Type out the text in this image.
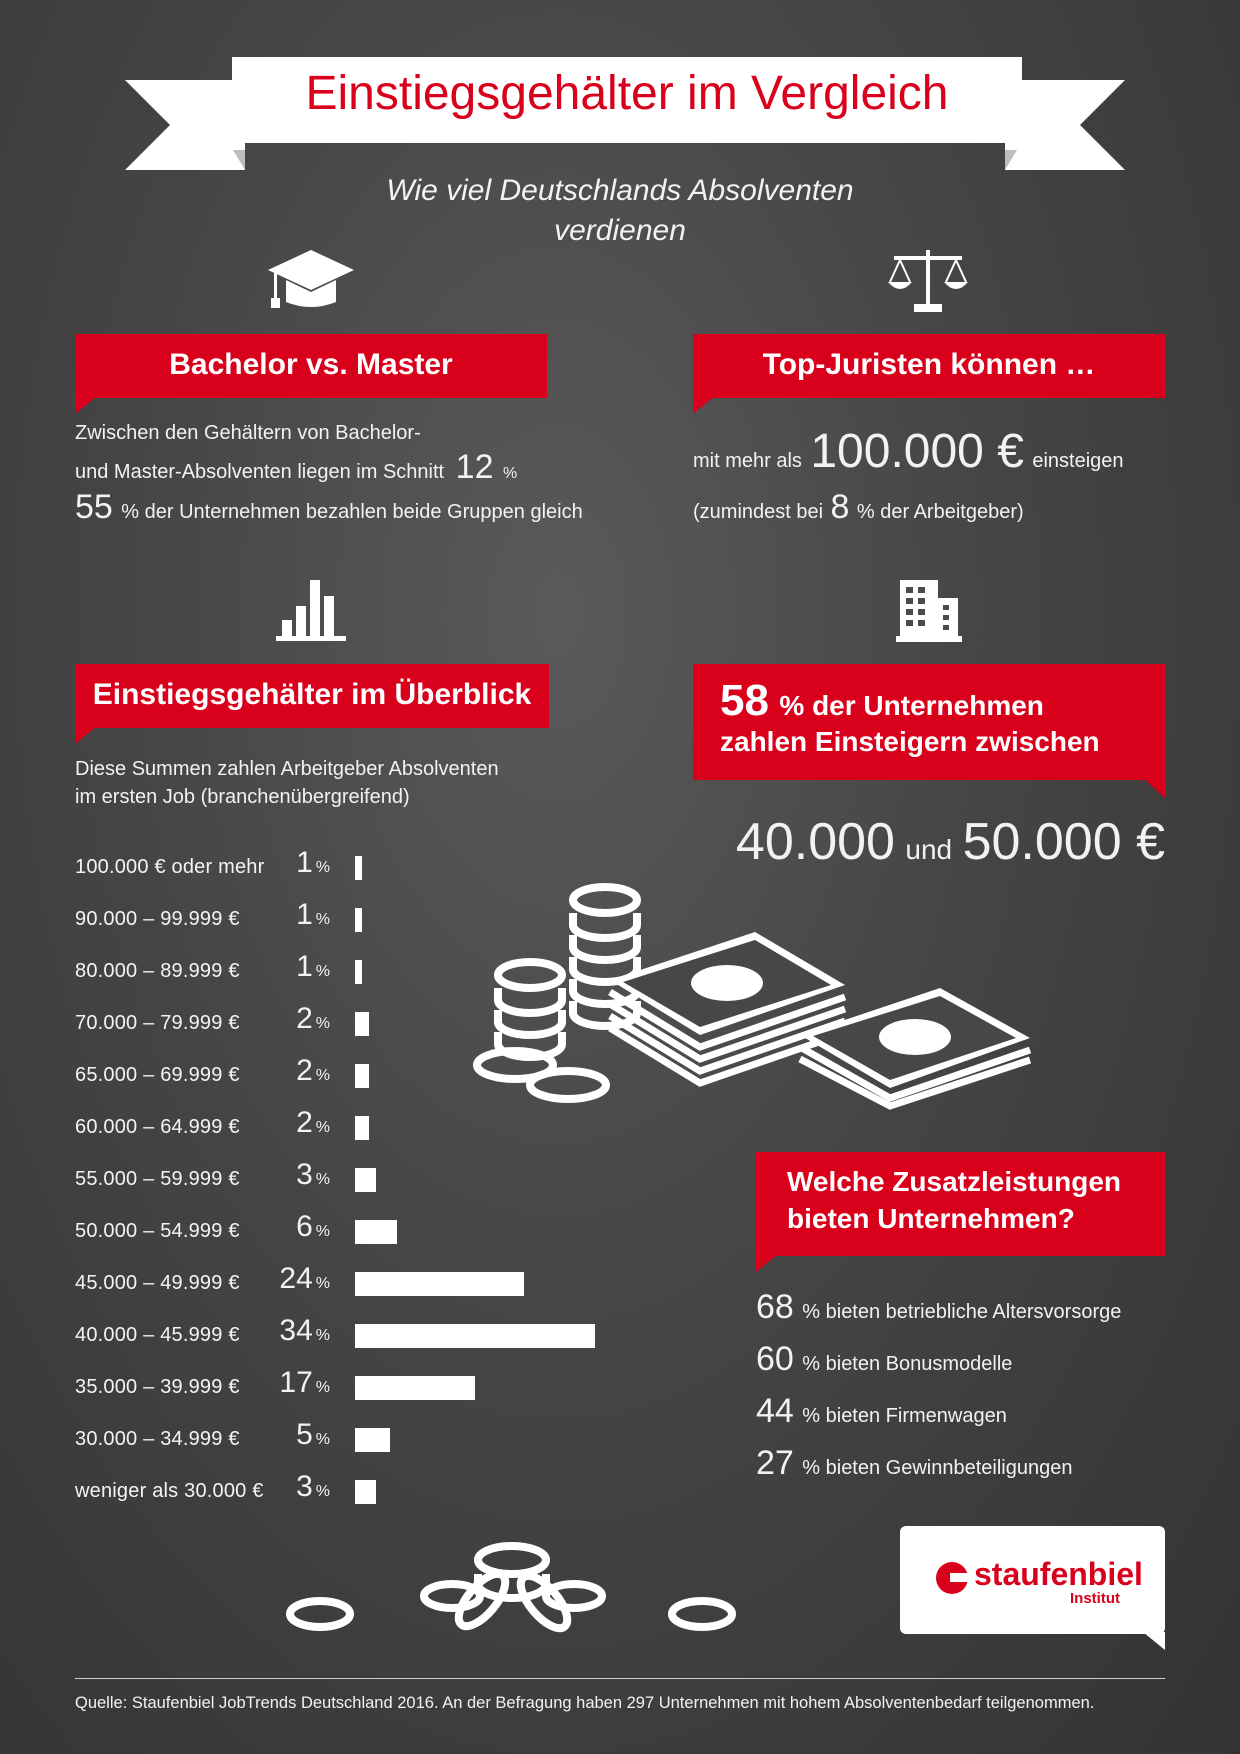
Einstiegsgehälter im Vergleich
Wie viel Deutschlands Absolventen
verdienen
Bachelor vs. Master
Zwischen den Gehältern von Bachelor-
und Master-Absolventen liegen im Schnitt 12 %
55 % der Unternehmen bezahlen beide Gruppen gleich
Top-Juristen können …
mit mehr als 100.000 € einsteigen
(zumindest bei 8 % der Arbeitgeber)
Einstiegsgehälter im Überblick
Diese Summen zahlen Arbeitgeber Absolventen
im ersten Job (branchenübergreifend)
100.000 € oder mehr	1 %
90.000 – 99.999 €	1 %
80.000 – 89.999 €	1 %
70.000 – 79.999 €	2 %
65.000 – 69.999 €	2 %
60.000 – 64.999 €	2 %
55.000 – 59.999 €	3 %
50.000 – 54.999 €	6 %
45.000 – 49.999 €	24 %
40.000 – 45.999 €	34 %
35.000 – 39.999 €	17 %
30.000 – 34.999 €	5 %
weniger als 30.000 €	3 %
58 % der Unternehmen
zahlen Einsteigern zwischen
40.000 und 50.000 €
Welche Zusatzleistungen
bieten Unternehmen?
68 % bieten betriebliche Altersvorsorge
60 % bieten Bonusmodelle
44 % bieten Firmenwagen
27 % bieten Gewinnbeteiligungen
staufenbiel
Institut
Quelle: Staufenbiel JobTrends Deutschland 2016. An der Befragung haben 297 Unternehmen mit hohem Absolventenbedarf teilgenommen.
